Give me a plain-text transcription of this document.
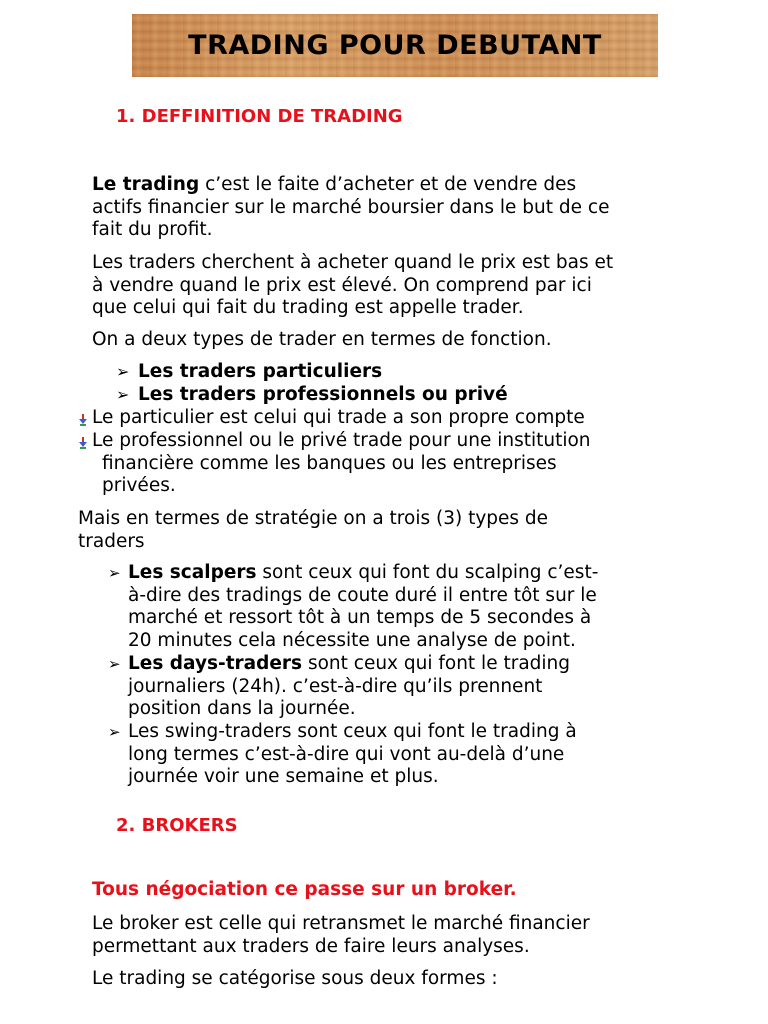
TRADING POUR DEBUTANT

1. DEFFINITION DE TRADING

Le trading c’est le faite d’acheter et de vendre des
actifs financier sur le marché boursier dans le but de ce
fait du profit.
Les traders cherchent à acheter quand le prix est bas et
à vendre quand le prix est élevé. On comprend par ici
que celui qui fait du trading est appelle trader.

On a deux types de trader en termes de fonction.

➢ Les traders particuliers
➢ Les traders professionnels ou privé

Le particulier est celui qui trade a son propre compte

Le professionnel ou le privé trade pour une institution
financière comme les banques ou les entreprises
privées.
Mais en termes de stratégie on a trois (3) types de
traders
➢ Les scalpers sont ceux qui font du scalping c’est-
à-dire des tradings de coute duré il entre tôt sur le
marché et ressort tôt à un temps de 5 secondes à
20 minutes cela nécessite une analyse de point.
➢ Les days-traders sont ceux qui font le trading
journaliers (24h). c’est-à-dire qu’ils prennent
position dans la journée.
➢ Les swing-traders sont ceux qui font le trading à
long termes c’est-à-dire qui vont au-delà d’une
journée voir une semaine et plus.

2. BROKERS

Tous négociation ce passe sur un broker.

Le broker est celle qui retransmet le marché financier
permettant aux traders de faire leurs analyses.

Le trading se catégorise sous deux formes :
